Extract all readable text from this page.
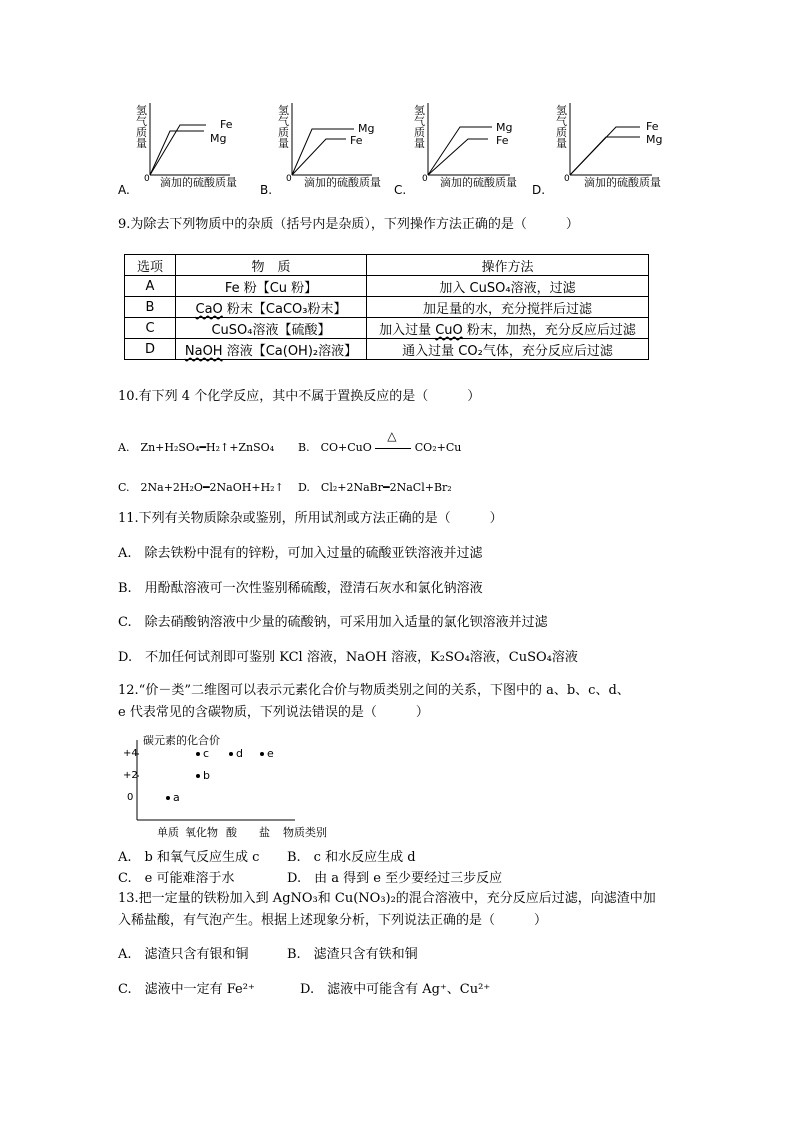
Fe
Mg
氢
气
质
量
0 滴加的硫酸质量
A.
Mg
Fe
氢
气
质
量
0 滴加的硫酸质量
B.
Mg
Fe
氢
气
质
量
0 滴加的硫酸质量
C.
Fe
Mg
氢
气
质
量
0 滴加的硫酸质量
D.
9.为除去下列物质中的杂质（括号内是杂质），下列操作方法正确的是（　　　）
选项	物　质	操作方法
A	Fe 粉【Cu 粉】	加入 CuSO₄溶液，过滤
B	CaO 粉末【CaCO₃粉末】	加足量的水，充分搅拌后过滤
C	CuSO₄溶液【硫酸】	加入过量 CuO 粉末，加热，充分反应后过滤
D	NaOH 溶液【Ca(OH)₂溶液】	通入过量 CO₂气体，充分反应后过滤
10.有下列 4 个化学反应，其中不属于置换反应的是（　　　）
A.　Zn+H₂SO₄━H₂↑+ZnSO₄ B.　CO+CuO
△
CO₂+Cu
C.　2Na+2H₂O━2NaOH+H₂↑ D.　Cl₂+2NaBr━2NaCl+Br₂
11.下列有关物质除杂或鉴别，所用试剂或方法正确的是（　　　）
A.　除去铁粉中混有的锌粉，可加入过量的硫酸亚铁溶液并过滤
B.　用酚酞溶液可一次性鉴别稀硫酸，澄清石灰水和氯化钠溶液
C.　除去硝酸钠溶液中少量的硫酸钠，可采用加入适量的氯化钡溶液并过滤
D.　不加任何试剂即可鉴别 KCl 溶液，NaOH 溶液，K₂SO₄溶液，CuSO₄溶液
12.“价－类”二维图可以表示元素化合价与物质类别之间的关系，下图中的 a、b、c、d、
e 代表常见的含碳物质，下列说法错误的是（　　　）
碳元素的化合价
+4
+2
0	a
b
c d e
单质 氧化物 酸 盐 物质类别
A.　b 和氧气反应生成 c B.　c 和水反应生成 d
C.　e 可能难溶于水	D.　由 a 得到 e 至少要经过三步反应
13.把一定量的铁粉加入到 AgNO₃和 Cu(NO₃)₂的混合溶液中，充分反应后过滤，向滤渣中加
入稀盐酸，有气泡产生。根据上述现象分析，下列说法正确的是（　　　）
A.　滤渣只含有银和铜	B.　滤渣只含有铁和铜
C.　滤液中一定有 Fe²⁺	D.　滤液中可能含有 Ag⁺、Cu²⁺
